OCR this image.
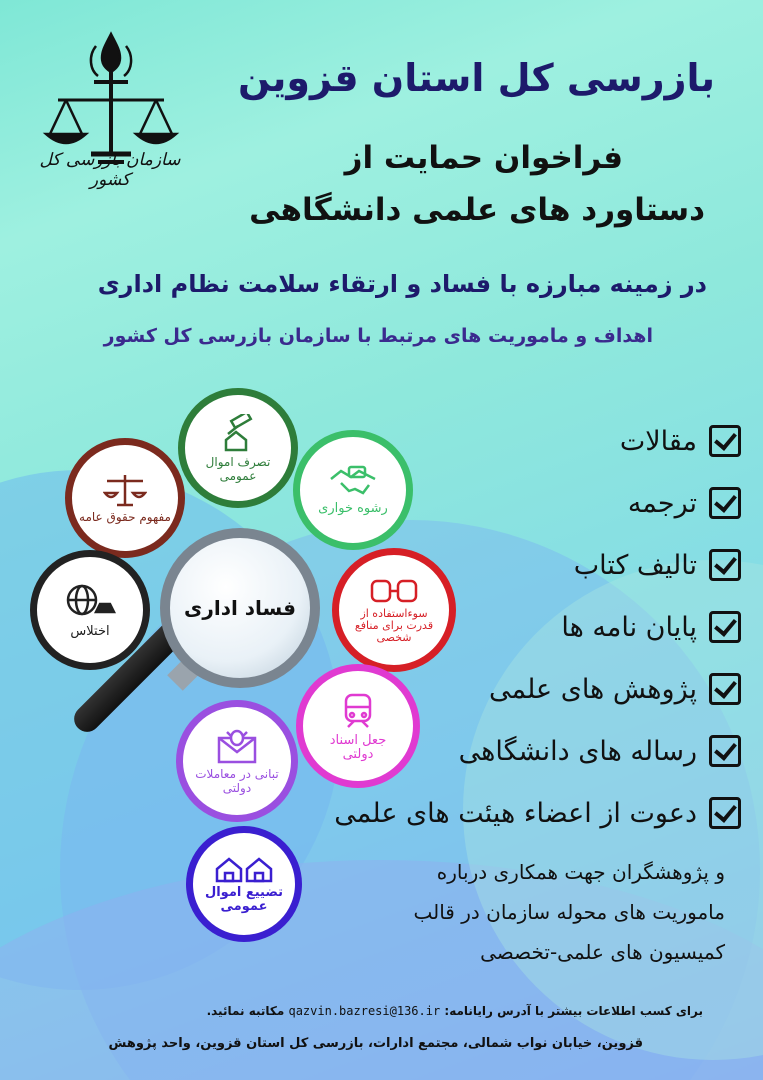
سازمان بازرسی کل کشور
بازرسی کل استان قزوین
فراخوان حمایت از
دستاورد های علمی دانشگاهی
در زمینه مبارزه با فساد و ارتقاء سلامت نظام اداری
اهداف و ماموریت های مرتبط با سازمان بازرسی کل کشور
مقالات
ترجمه
تالیف کتاب
پایان نامه ها
پژوهش های علمی
رساله های دانشگاهی
دعوت از اعضاء هیئت های علمی
و پژوهشگران جهت همکاری درباره
ماموریت های محوله سازمان در قالب
کمیسیون های علمی-تخصصی
فساد اداری
تصرف اموال عمومی
مفهوم حقوق عامه
رشوه خواری
سوءاستفاده از قدرت برای منافع شخصی
اختلاس
جعل اسناد دولتی
تبانی در معاملات دولتی
تضییع اموال عمومی
برای کسب اطلاعات بیشتر با آدرس رایانامه: qazvin.bazresi@136.ir مکاتبه نمائید.
قزوین، خیابان نواب شمالی، مجتمع ادارات، بازرسی کل استان قزوین، واحد پژوهش
